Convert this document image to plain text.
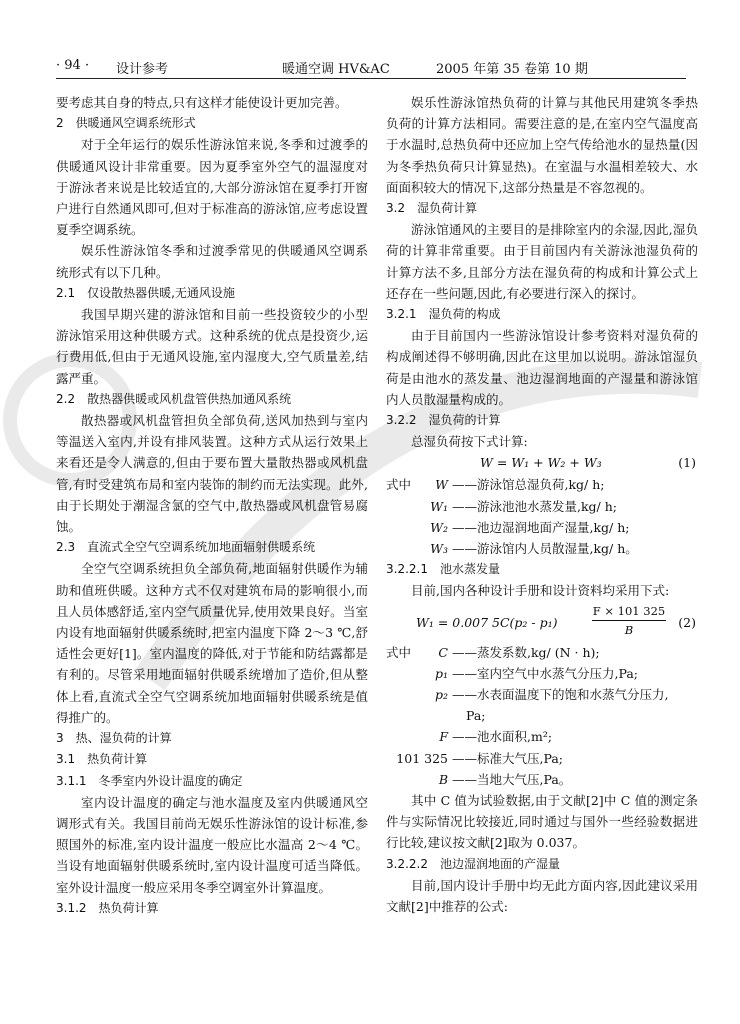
· 94 · 设计参考	暖通空调 HV&AC	2005 年第 35 卷第 10 期

要考虑其自身的特点,只有这样才能使设计更加完善。

2　供暖通风空调系统形式

对于全年运行的娱乐性游泳馆来说,冬季和过渡季的供暖通风设计非常重要。因为夏季室外空气的温湿度对于游泳者来说是比较适宜的,大部分游泳馆在夏季打开窗户进行自然通风即可,但对于标准高的游泳馆,应考虑设置夏季空调系统。

娱乐性游泳馆冬季和过渡季常见的供暖通风空调系统形式有以下几种。

2.1　仅设散热器供暖,无通风设施

我国早期兴建的游泳馆和目前一些投资较少的小型游泳馆采用这种供暖方式。这种系统的优点是投资少,运行费用低,但由于无通风设施,室内湿度大,空气质量差,结露严重。

2.2　散热器供暖或风机盘管供热加通风系统

散热器或风机盘管担负全部负荷,送风加热到与室内等温送入室内,并设有排风装置。这种方式从运行效果上来看还是令人满意的,但由于要布置大量散热器或风机盘管,有时受建筑布局和室内装饰的制约而无法实现。此外,由于长期处于潮湿含氯的空气中,散热器或风机盘管易腐蚀。

2.3　直流式全空气空调系统加地面辐射供暖系统

全空气空调系统担负全部负荷,地面辐射供暖作为辅助和值班供暖。这种方式不仅对建筑布局的影响很小,而且人员体感舒适,室内空气质量优异,使用效果良好。当室内设有地面辐射供暖系统时,把室内温度下降 2～3 ℃,舒适性会更好[1]。室内温度的降低,对于节能和防结露都是有利的。尽管采用地面辐射供暖系统增加了造价,但从整体上看,直流式全空气空调系统加地面辐射供暖系统是值得推广的。

3　热、湿负荷的计算

3.1　热负荷计算

3.1.1　冬季室内外设计温度的确定

室内设计温度的确定与池水温度及室内供暖通风空调形式有关。我国目前尚无娱乐性游泳馆的设计标准,参照国外的标准,室内设计温度一般应比水温高 2～4 ℃。当设有地面辐射供暖系统时,室内设计温度可适当降低。室外设计温度一般应采用冬季空调室外计算温度。

3.1.2　热负荷计算

娱乐性游泳馆热负荷的计算与其他民用建筑冬季热负荷的计算方法相同。需要注意的是,在室内空气温度高于水温时,总热负荷中还应加上空气传给池水的显热量(因为冬季热负荷只计算显热)。在室温与水温相差较大、水面面积较大的情况下,这部分热量是不容忽视的。

3.2　湿负荷计算

游泳馆通风的主要目的是排除室内的余湿,因此,湿负荷的计算非常重要。由于目前国内有关游泳池湿负荷的计算方法不多,且部分方法在湿负荷的构成和计算公式上还存在一些问题,因此,有必要进行深入的探讨。

3.2.1　湿负荷的构成

由于目前国内一些游泳馆设计参考资料对湿负荷的构成阐述得不够明确,因此在这里加以说明。游泳馆湿负荷是由池水的蒸发量、池边湿润地面的产湿量和游泳馆内人员散湿量构成的。

3.2.2　湿负荷的计算

总湿负荷按下式计算:

W = W₁ + W₂ + W₃	(1)
式中 W ——游泳馆总湿负荷,kg/ h;
W₁ ——游泳池池水蒸发量,kg/ h;
W₂ ——池边湿润地面产湿量,kg/ h;
W₃ ——游泳馆内人员散湿量,kg/ h。

3.2.2.1　池水蒸发量

目前,国内各种设计手册和设计资料均采用下式:

W₁ = 0.007 5C(p₂ - p₁)	$\frac{F \times 101 325}{B} (2)$
式中 C ——蒸发系数,kg/ (N · h);
p₁ ——室内空气中水蒸气分压力,Pa;
p₂ ——水表面温度下的饱和水蒸气分压力,
Pa;
F ——池水面积,m²;
101 325 ——标准大气压,Pa;
B ——当地大气压,Pa。

其中 C 值为试验数据,由于文献[2]中 C 值的测定条件与实际情况比较接近,同时通过与国外一些经验数据进行比较,建议按文献[2]取为 0.037。

3.2.2.2　池边湿润地面的产湿量

目前,国内设计手册中均无此方面内容,因此建议采用文献[2]中推荐的公式:
